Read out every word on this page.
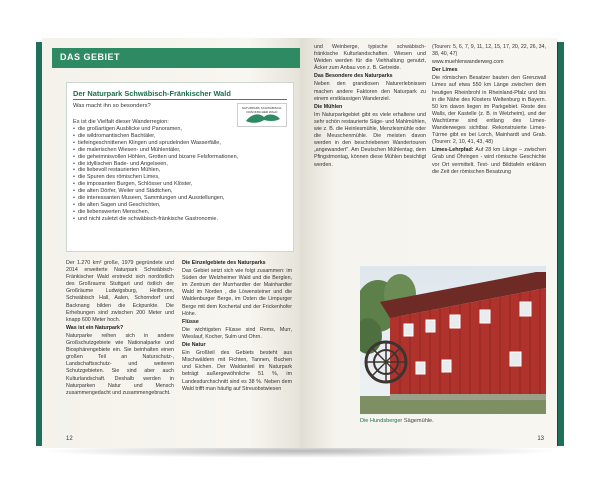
DAS GEBIET
Der Naturpark Schwäbisch-Fränkischer Wald
Was macht ihn so besonders?	NATURPARK SCHWÄBISCH-FRÄNKISCHER WALD
Es ist die Vielfalt dieser Wanderregion:
• die großartigen Ausblicke und Panoramen,
• die wildromantischen Bachtäler,
• tiefeingeschnittenen Klingen und sprudelnden Wasserfälle,
• die malerischen Wiesen- und Mühlentäler,
• die geheimnisvollen Höhlen, Grotten und bizarre Felsformationen,
• die idyllischen Bade- und Angelseen,
• die liebevoll restaurierten Mühlen,
• die Spuren des römischen Limes,
• die imposanten Burgen, Schlösser und Klöster,
• die alten Dörfer, Weiler und Städtchen,
• die interessanten Museen, Sammlungen und Ausstellungen,
• die alten Sagen und Geschichten,
• die liebenswerten Menschen,
• und nicht zuletzt die schwäbisch-fränkische Gastronomie.

Der 1.270 km² große, 1979 gegründete und 2014 erweiterte Naturpark Schwäbisch-Fränkischer Wald erstreckt sich nordöstlich des Großraums Stuttgart und östlich der Großräume Ludwigsburg, Heilbronn, Schwäbisch Hall, Aalen, Schorndorf und Backnang bilden die Eckpunkte. Die Erhebungen sind zwischen 200 Meter und knapp 600 Meter hoch.

Was ist ein Naturpark?

Naturparke reihen sich in andere Großschutzgebiete wie Nationalparke und Biosphärengebiete ein. Sie beinhalten einen großen Teil an Naturschutz-, Landschaftsschutz- und weiteren Schutzgebieten. Sie sind aber auch Kulturlandschaft. Deshalb werden in Naturparken Natur und Mensch zusammengedacht und zusammengebracht.

Die Einzelgebiete des Naturparks

Das Gebiet setzt sich wie folgt zusammen: im Süden der Welzheimer Wald und die Berglen, im Zentrum der Murrhardter der Mainhardter Wald im Norden , die Löwensteiner und die Waldenburger Berge, im Osten die Limpurger Berge mit dem Kochertal und der Frickenhofer Höhe.

Flüsse

Die wichtigsten Flüsse sind Rems, Murr, Wieslauf, Kocher, Sulm und Ohrn.

Die Natur

Ein Großteil des Gebiets besteht aus Mischwäldern mit Fichten, Tannen, Buchen und Eichen. Der Waldanteil im Naturpark beträgt außergewöhnliche 51 %, im Landesdurchschnitt sind es 38 %. Neben dem Wald trifft man häufig auf Streuobstwiesen

12

und Weinberge, typische schwäbisch-fränkische Kulturlandschaften. Wiesen und Weiden werden für die Viehhaltung genutzt, Äcker zum Anbau von z. B. Getreide.

Das Besondere des Naturparks

Neben den grandiosen Naturerlebnissen machen andere Faktoren den Naturpark zu einem erstklassigen Wanderziel.

Die Mühlen

Im Naturparkgebiet gibt es viele erhaltene und sehr schön restaurierte Säge- und Mahlmühlen, wie z. B. die Heinlesmühle, Menzlesmühle oder die Meuschenmühle. Die meisten davon werden in den beschriebenen Wandertouren „angewandert". Am Deutschen Mühlentag, dem Pfingstmontag, können diese Mühlen besichtigt werden.

(Touren: 5, 6, 7, 9, 11, 12, 15, 17, 20, 22, 26, 34, 38, 40, 47)

www.muehlenwanderweg.com

Der Limes

Die römischen Besatzer bauten den Grenzwall Limes auf etwa 550 km Länge zwischen dem heutigen Rheinbrohl in Rheinland-Pfalz und bis in die Nähe des Klosters Weltenburg in Bayern. 50 km davon liegen im Parkgebiet. Reste des Walls, der Kastelle (z. B. in Welzheim), und der Wachtürme sind entlang des Limes-Wanderweges sichtbar. Rekonstruierte Limes-Türme gibt es bei Lorch, Mainhardt und Grab. (Touren: 2, 10, 41, 43, 48)

Limes-Lehrpfad: Auf 28 km Länge – zwischen Grab und Öhringen - wird römische Geschichte vor Ort vermittelt. Text- und Bildtafeln erklären die Zeit der römischen Besatzung

Die Hundsberger Sägemühle.
13
